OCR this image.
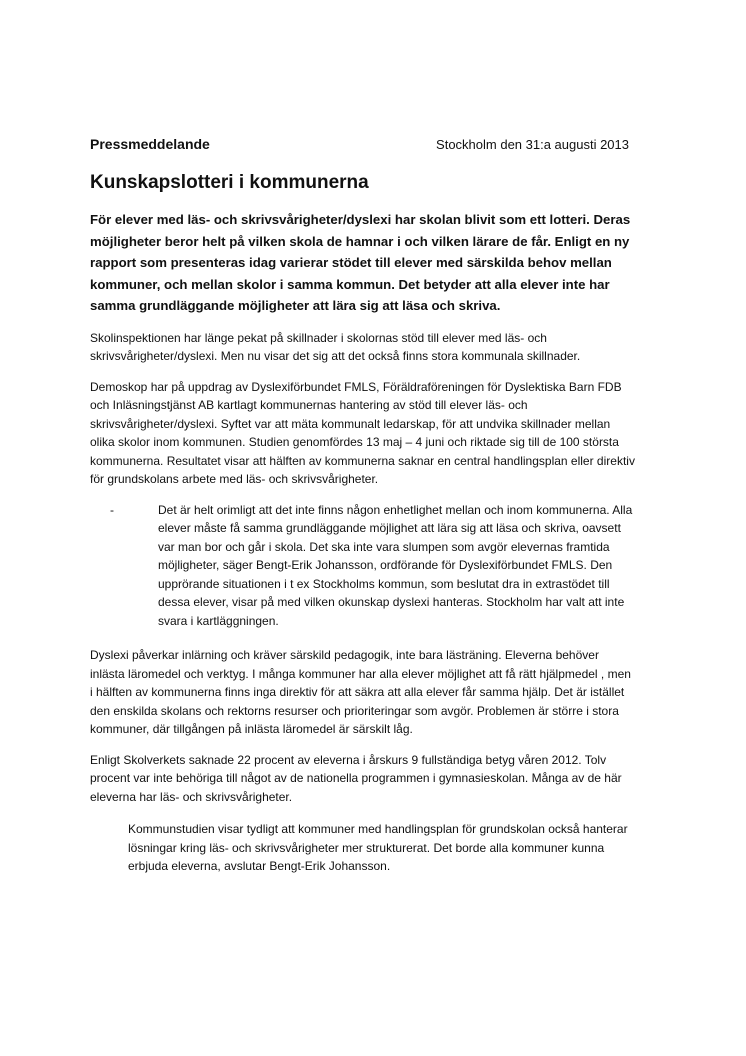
Pressmeddelande	Stockholm den 31:a augusti 2013
Kunskapslotteri i kommunerna

För elever med läs- och skrivsvårigheter/dyslexi har skolan blivit som ett lotteri. Deras möjligheter beror helt på vilken skola de hamnar i och vilken lärare de får. Enligt en ny rapport som presenteras idag varierar stödet till elever med särskilda behov mellan kommuner, och mellan skolor i samma kommun. Det betyder att alla elever inte har samma grundläggande möjligheter att lära sig att läsa och skriva.

Skolinspektionen har länge pekat på skillnader i skolornas stöd till elever med läs- och skrivsvårigheter/dyslexi. Men nu visar det sig att det också finns stora kommunala skillnader.

Demoskop har på uppdrag av Dyslexiförbundet FMLS, Föräldraföreningen för Dyslektiska Barn FDB och Inläsningstjänst AB kartlagt kommunernas hantering av stöd till elever läs- och skrivsvårigheter/dyslexi. Syftet var att mäta kommunalt ledarskap, för att undvika skillnader mellan olika skolor inom kommunen. Studien genomfördes 13 maj – 4 juni och riktade sig till de 100 största kommunerna. Resultatet visar att hälften av kommunerna saknar en central handlingsplan eller direktiv för grundskolans arbete med läs- och skrivsvårigheter.

-	Det är helt orimligt att det inte finns någon enhetlighet mellan och inom kommunerna. Alla elever måste få samma grundläggande möjlighet att lära sig att läsa och skriva, oavsett var man bor och går i skola. Det ska inte vara slumpen som avgör elevernas framtida möjligheter, säger Bengt-Erik Johansson, ordförande för Dyslexiförbundet FMLS. Den upprörande situationen i t ex Stockholms kommun, som beslutat dra in extrastödet till dessa elever, visar på med vilken okunskap dyslexi hanteras. Stockholm har valt att inte svara i kartläggningen.

Dyslexi påverkar inlärning och kräver särskild pedagogik, inte bara lästräning. Eleverna behöver inlästa läromedel och verktyg. I många kommuner har alla elever möjlighet att få rätt hjälpmedel , men i hälften av kommunerna finns inga direktiv för att säkra att alla elever får samma hjälp. Det är istället den enskilda skolans och rektorns resurser och prioriteringar som avgör. Problemen är större i stora kommuner, där tillgången på inlästa läromedel är särskilt låg.

Enligt Skolverkets saknade 22 procent av eleverna i årskurs 9 fullständiga betyg våren 2012. Tolv procent var inte behöriga till något av de nationella programmen i gymnasieskolan. Många av de här eleverna har läs- och skrivsvårigheter.

Kommunstudien visar tydligt att kommuner med handlingsplan för grundskolan också hanterar lösningar kring läs- och skrivsvårigheter mer strukturerat. Det borde alla kommuner kunna erbjuda eleverna, avslutar Bengt-Erik Johansson.
